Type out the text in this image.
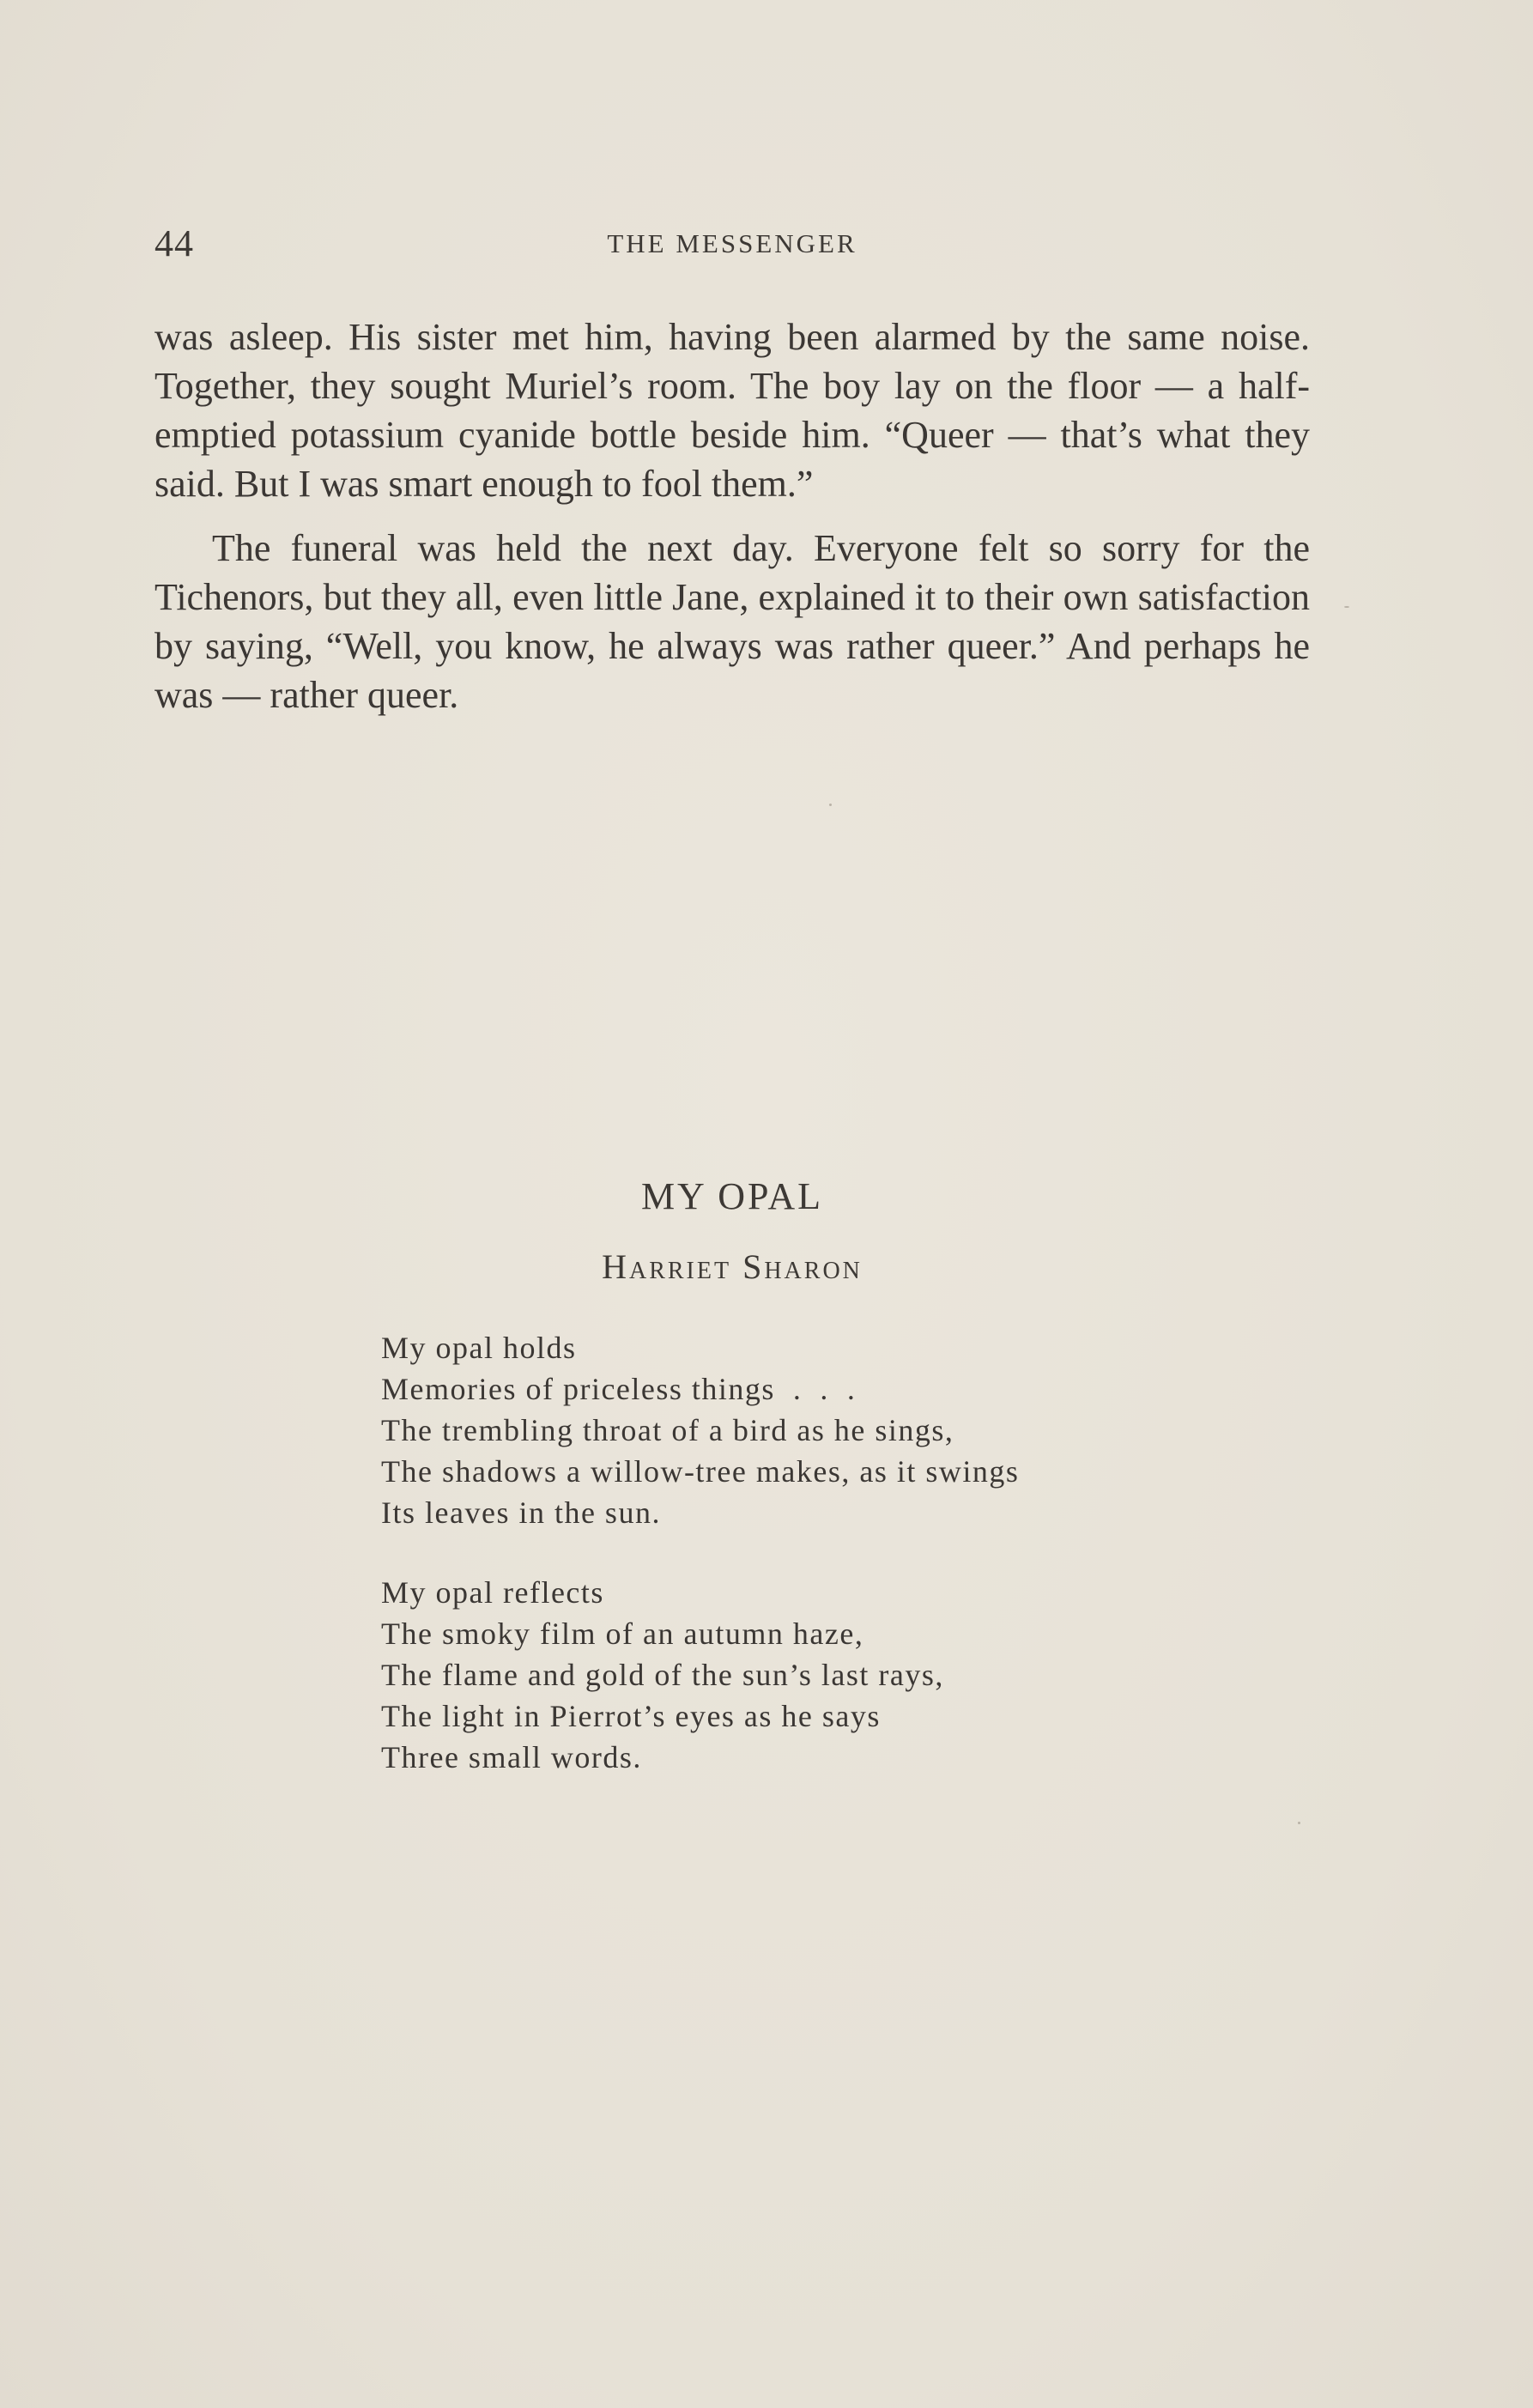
44	THE MESSENGER

was asleep. His sister met him, having been alarmed by the same noise. Together, they sought Muriel’s room. The boy lay on the floor — a half-emptied potassium cyanide bottle beside him. “Queer — that’s what they said. But I was smart enough to fool them.”

The funeral was held the next day. Everyone felt so sorry for the Tichenors, but they all, even little Jane, explained it to their own satisfaction by saying, “Well, you know, he always was rather queer.” And perhaps he was — rather queer.

MY OPAL
Harriet Sharon
My opal holds
Memories of priceless things  .  .  .
The trembling throat of a bird as he sings,
The shadows a willow-tree makes, as it swings
Its leaves in the sun.
My opal reflects
The smoky film of an autumn haze,
The flame and gold of the sun’s last rays,
The light in Pierrot’s eyes as he says
Three small words.
